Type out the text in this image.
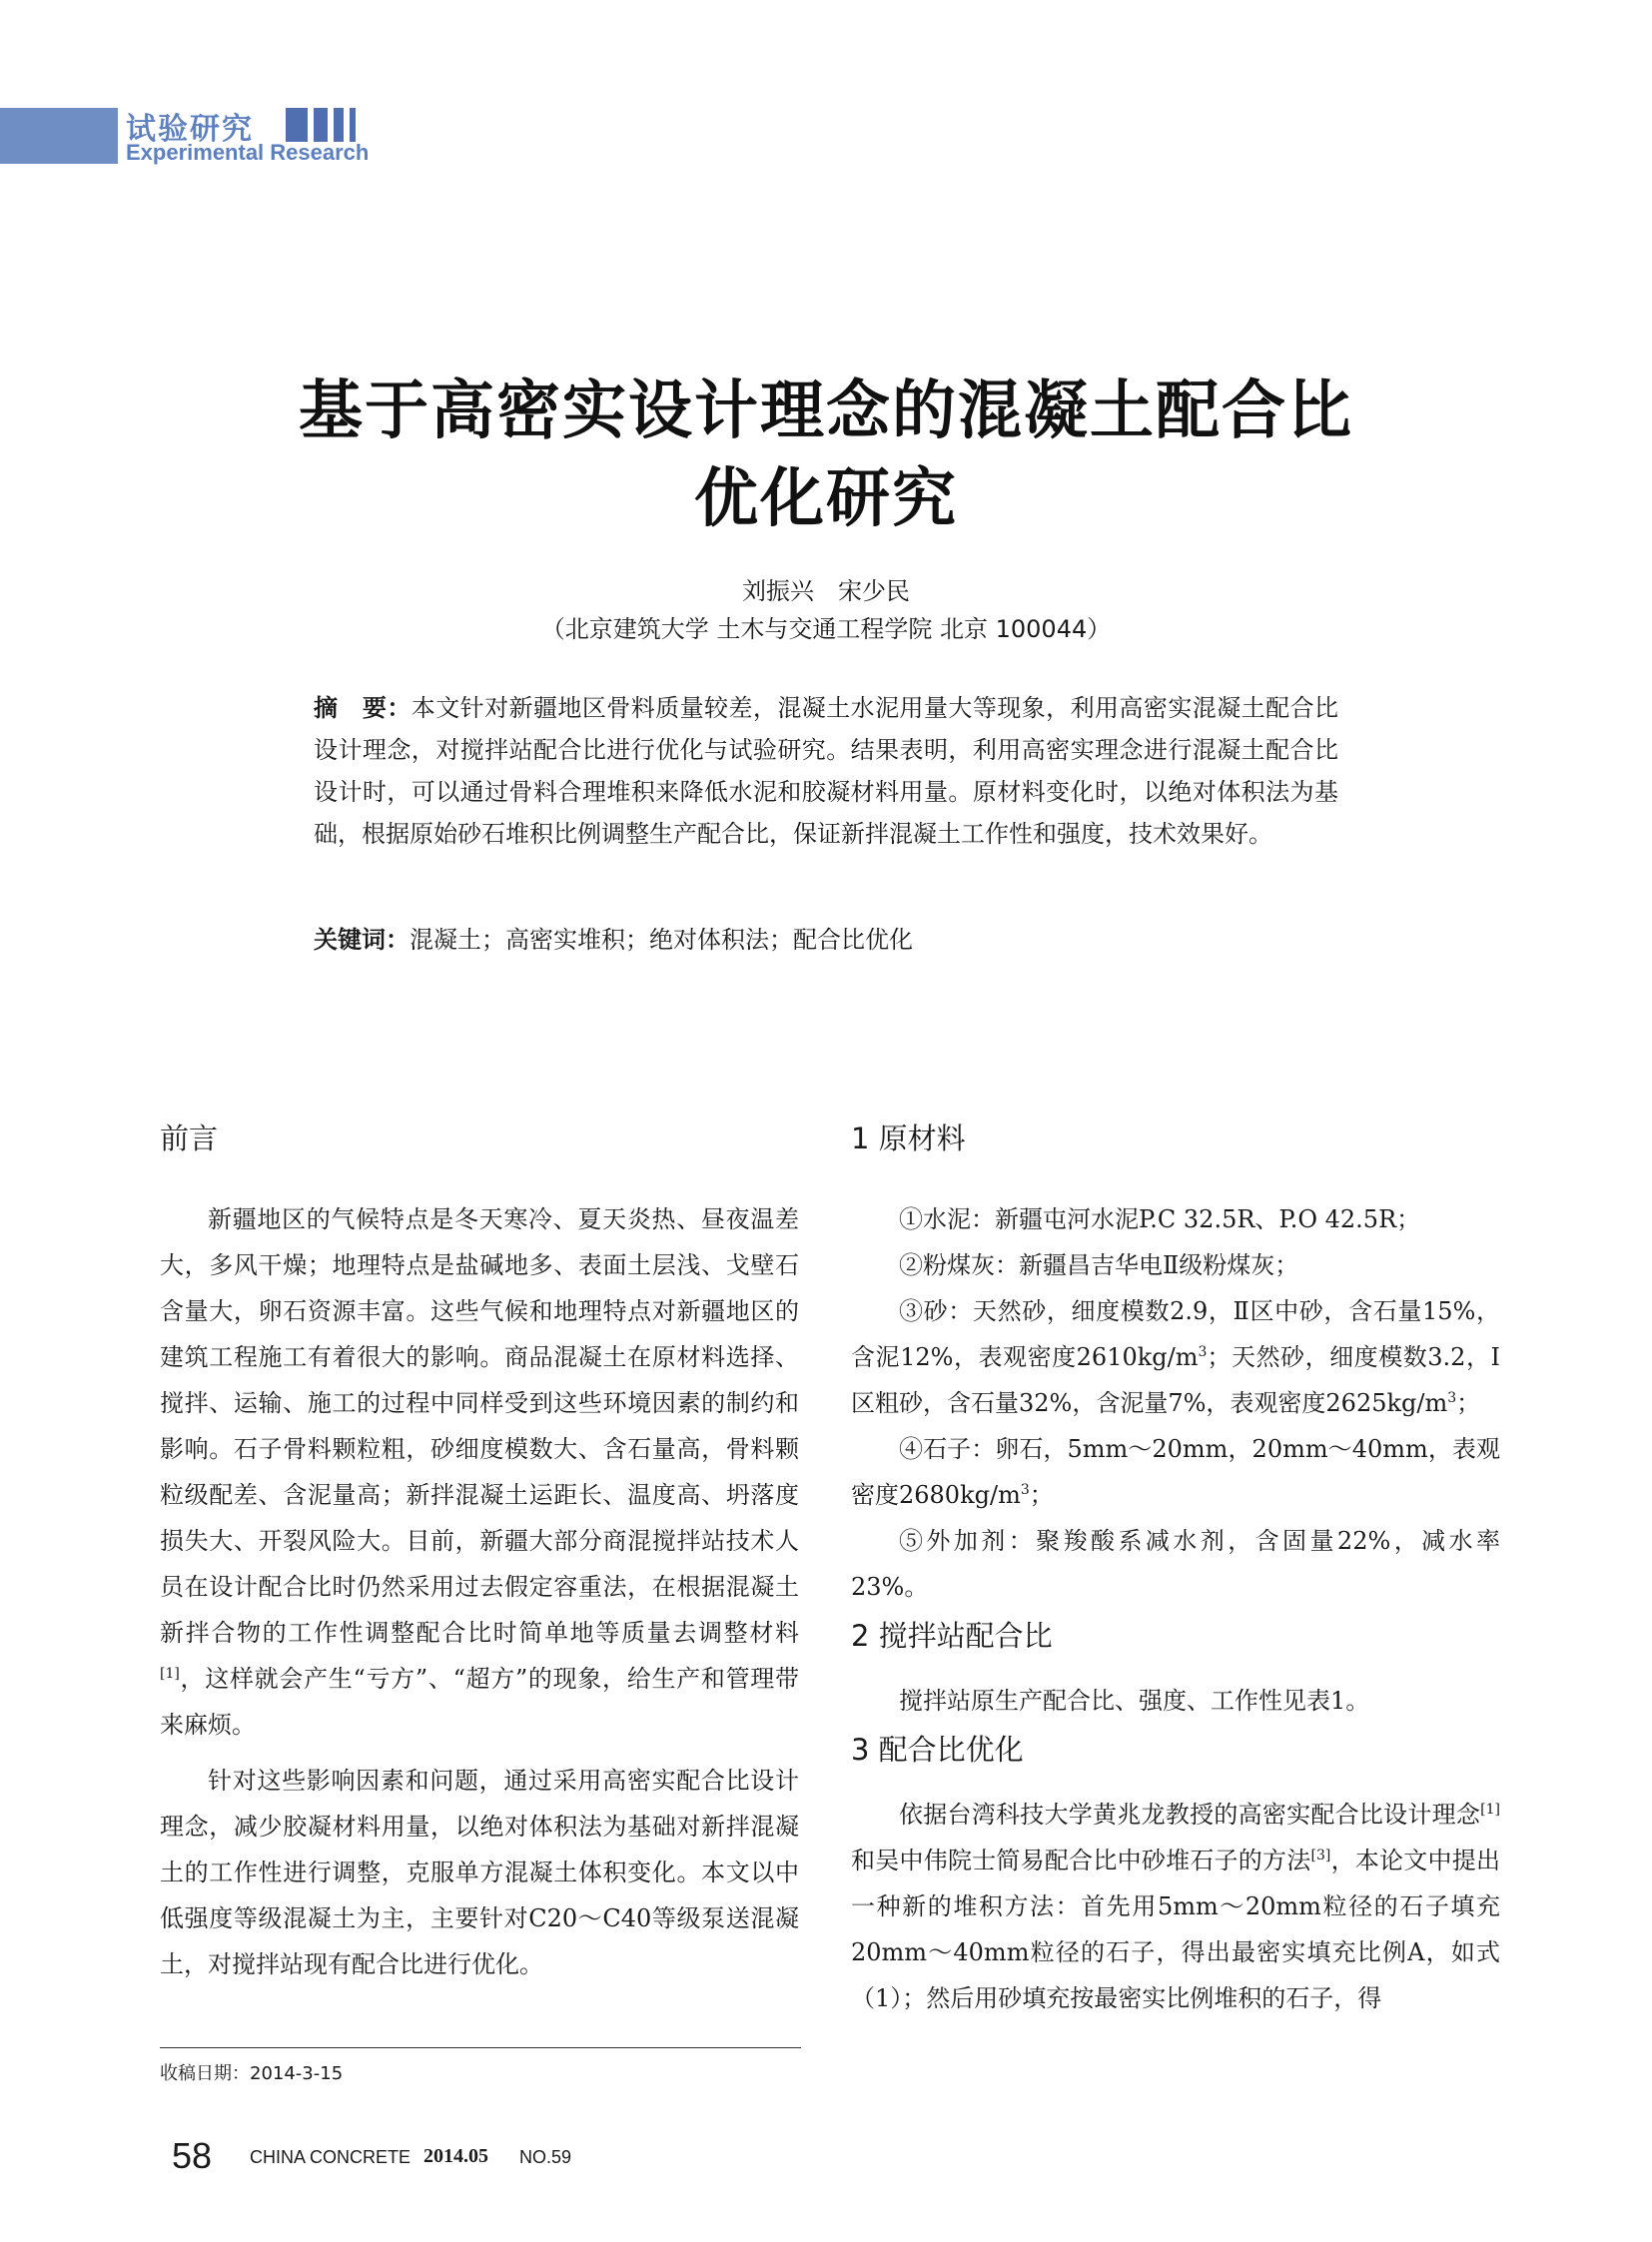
试验研究
Experimental Research
基于高密实设计理念的混凝土配合比
优化研究
刘振兴　宋少民
（北京建筑大学 土木与交通工程学院 北京 100044）
摘　要：本文针对新疆地区骨料质量较差，混凝土水泥用量大等现象，利用高密实混凝土配合比设计理念，对搅拌站配合比进行优化与试验研究。结果表明，利用高密实理念进行混凝土配合比设计时，可以通过骨料合理堆积来降低水泥和胶凝材料用量。原材料变化时，以绝对体积法为基础，根据原始砂石堆积比例调整生产配合比，保证新拌混凝土工作性和强度，技术效果好。
关键词：混凝土；高密实堆积；绝对体积法；配合比优化
前言

新疆地区的气候特点是冬天寒冷、夏天炎热、昼夜温差大，多风干燥；地理特点是盐碱地多、表面土层浅、戈壁石含量大，卵石资源丰富。这些气候和地理特点对新疆地区的建筑工程施工有着很大的影响。商品混凝土在原材料选择、搅拌、运输、施工的过程中同样受到这些环境因素的制约和影响。石子骨料颗粒粗，砂细度模数大、含石量高，骨料颗粒级配差、含泥量高；新拌混凝土运距长、温度高、坍落度损失大、开裂风险大。目前，新疆大部分商混搅拌站技术人员在设计配合比时仍然采用过去假定容重法，在根据混凝土新拌合物的工作性调整配合比时简单地等质量去调整材料[1]，这样就会产生“亏方”、“超方”的现象，给生产和管理带来麻烦。

针对这些影响因素和问题，通过采用高密实配合比设计理念，减少胶凝材料用量，以绝对体积法为基础对新拌混凝土的工作性进行调整，克服单方混凝土体积变化。本文以中低强度等级混凝土为主，主要针对C20～C40等级泵送混凝土，对搅拌站现有配合比进行优化。

1 原材料

①水泥：新疆屯河水泥P.C 32.5R、P.O 42.5R；

②粉煤灰：新疆昌吉华电Ⅱ级粉煤灰；

③砂：天然砂，细度模数2.9，Ⅱ区中砂，含石量15%，含泥12%，表观密度$2610kg/m^3$；天然砂，细度模数3.2，Ⅰ区粗砂，含石量32%，含泥量7%，表观密度$2625kg/m^3$；

④石子：卵石，5mm～20mm，20mm～40mm，表观密度$2680kg/m^3$；

⑤外加剂：聚羧酸系减水剂，含固量22%，减水率23%。

2 搅拌站配合比

搅拌站原生产配合比、强度、工作性见表1。

3 配合比优化

依据台湾科技大学黄兆龙教授的高密实配合比设计理念[1]和吴中伟院士简易配合比中砂堆石子的方法[3]，本论文中提出一种新的堆积方法：首先用5mm～20mm粒径的石子填充20mm～40mm粒径的石子，得出最密实填充比例A，如式（1）；然后用砂填充按最密实比例堆积的石子，得

收稿日期：2014-3-15
58 CHINA CONCRETE 2014.05 NO.59
